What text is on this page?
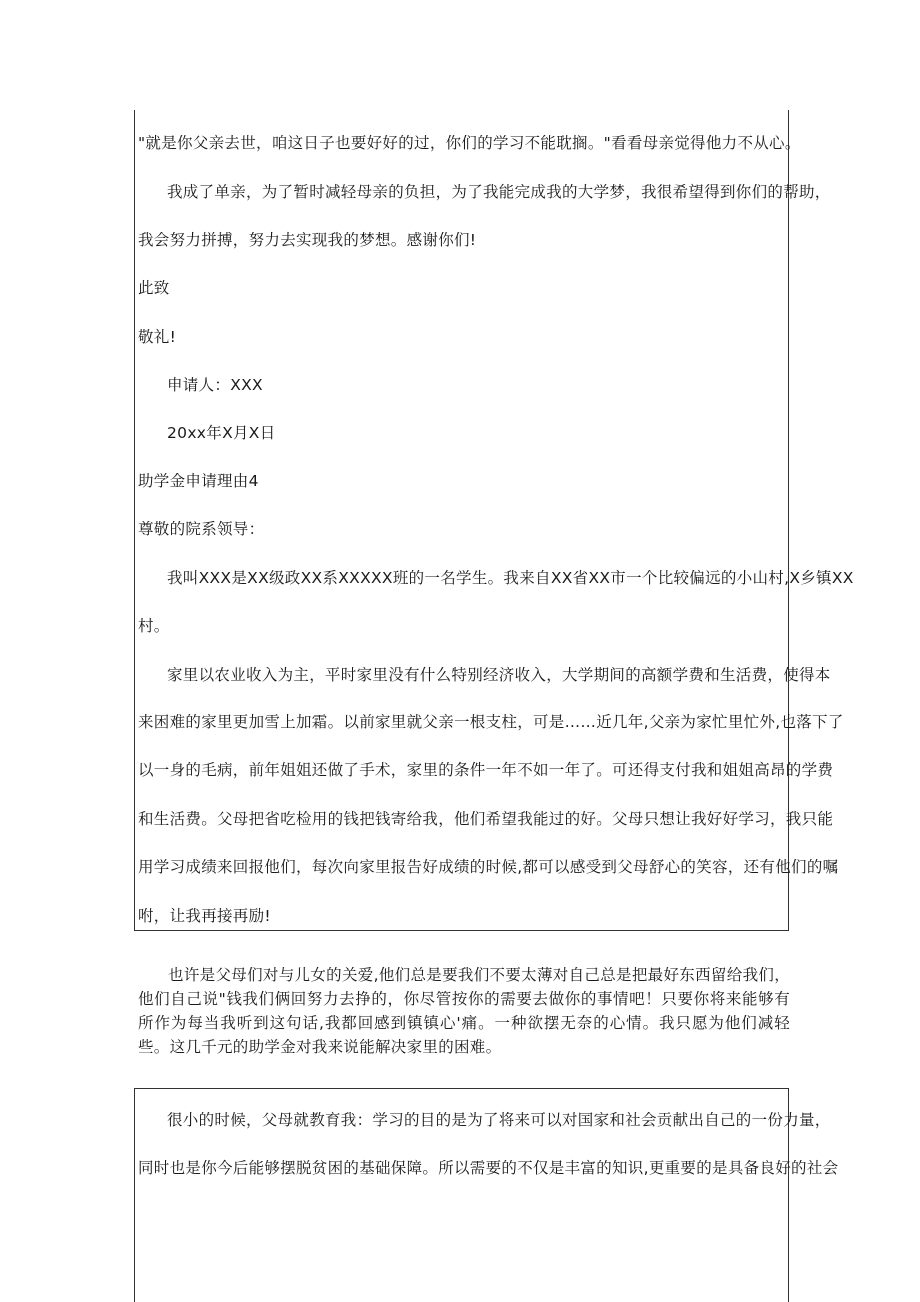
"就是你父亲去世，咱这日子也要好好的过，你们的学习不能耽搁。"看看母亲觉得他力不从心。
我成了单亲，为了暂时减轻母亲的负担，为了我能完成我的大学梦，我很希望得到你们的帮助，
我会努力拼搏，努力去实现我的梦想。感谢你们!
此致
敬礼!
申请人：XXX
20xx年X月X日
助学金申请理由4
尊敬的院系领导：
我叫XXX是XX级政XX系XXXXX班的一名学生。我来自XX省XX市一个比较偏远的小山村,X乡镇XX
村。
家里以农业收入为主，平时家里没有什么特别经济收入，大学期间的高额学费和生活费，使得本
来困难的家里更加雪上加霜。以前家里就父亲一根支柱，可是……近几年,父亲为家忙里忙外,也落下了
以一身的毛病，前年姐姐还做了手术，家里的条件一年不如一年了。可还得支付我和姐姐高昂的学费
和生活费。父母把省吃检用的钱把钱寄给我，他们希望我能过的好。父母只想让我好好学习，我只能
用学习成绩来回报他们，每次向家里报告好成绩的时候,都可以感受到父母舒心的笑容，还有他们的嘱
咐，让我再接再励!
也许是父母们对与儿女的关爱,他们总是要我们不要太薄对自己总是把最好东西留给我们，他们自己说"钱我们俩回努力去挣的，你尽管按你的需要去做你的事情吧！只要你将来能够有所作为每当我听到这句话,我都回感到镇镇心'痛。一种欲摆无奈的心情。我只愿为他们减轻些。这几千元的助学金对我来说能解决家里的困难。
很小的时候，父母就教育我：学习的目的是为了将来可以对国家和社会贡献出自己的一份力量，
同时也是你今后能够摆脱贫困的基础保障。所以需要的不仅是丰富的知识,更重要的是具备良好的社会
